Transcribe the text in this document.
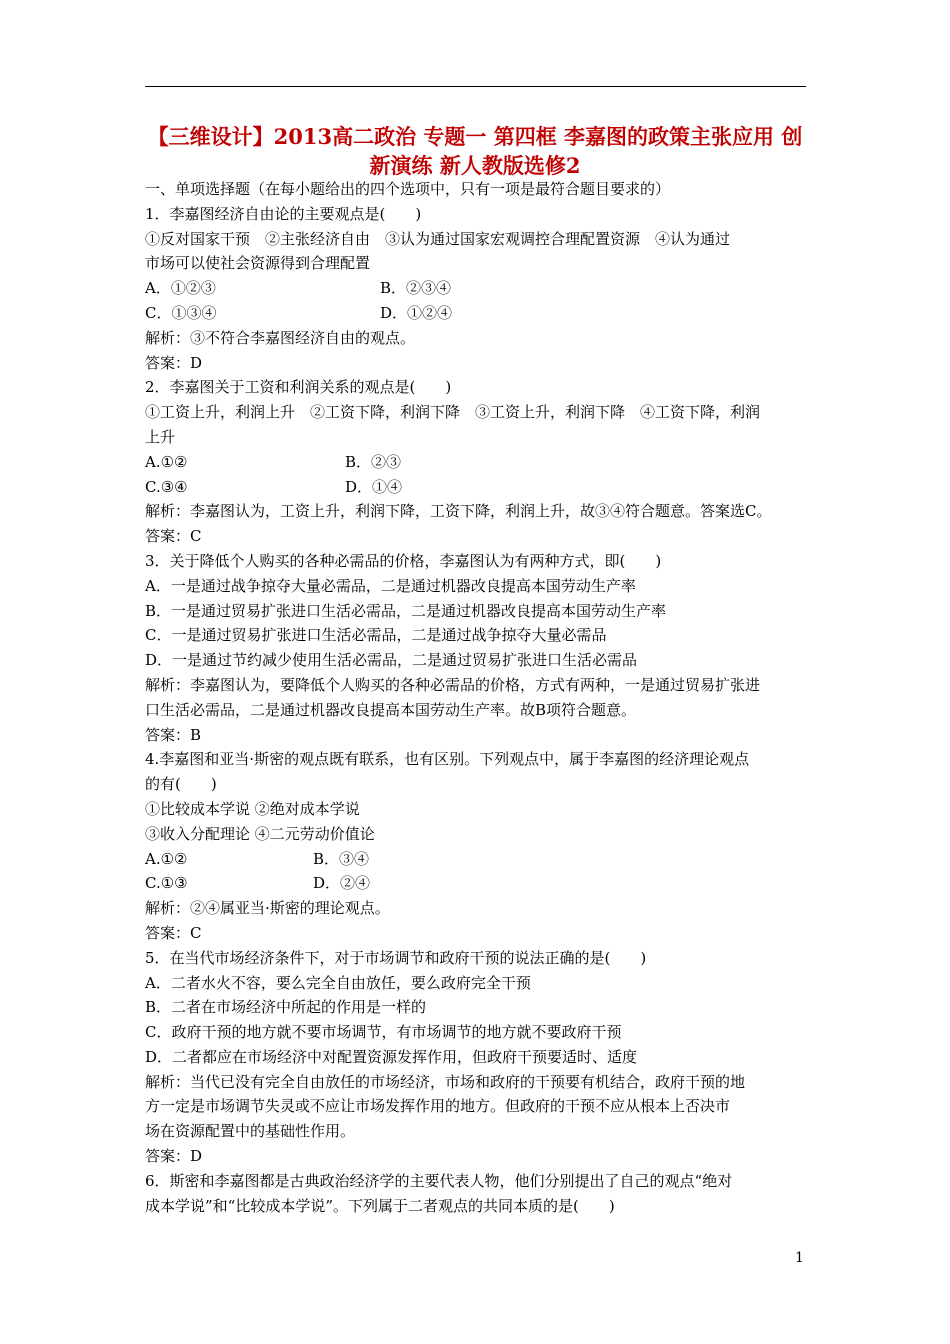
【三维设计】2013高二政治 专题一 第四框 李嘉图的政策主张应用 创新演练 新人教版选修2
一、单项选择题（在每小题给出的四个选项中，只有一项是最符合题目要求的）
1．李嘉图经济自由论的主要观点是(　　)
①反对国家干预　②主张经济自由　③认为通过国家宏观调控合理配置资源　④认为通过
市场可以使社会资源得到合理配置
A．①②③	B．②③④
C．①③④	D．①②④
解析：③不符合李嘉图经济自由的观点。
答案：D
2．李嘉图关于工资和利润关系的观点是(　　)
①工资上升，利润上升　②工资下降，利润下降　③工资上升，利润下降　④工资下降，利润
上升
A.①②	B．②③
C.③④	D．①④
解析：李嘉图认为，工资上升，利润下降，工资下降，利润上升，故③④符合题意。答案选C。
答案：C
3．关于降低个人购买的各种必需品的价格，李嘉图认为有两种方式，即(　　)
A．一是通过战争掠夺大量必需品，二是通过机器改良提高本国劳动生产率
B．一是通过贸易扩张进口生活必需品，二是通过机器改良提高本国劳动生产率
C．一是通过贸易扩张进口生活必需品，二是通过战争掠夺大量必需品
D．一是通过节约减少使用生活必需品，二是通过贸易扩张进口生活必需品
解析：李嘉图认为，要降低个人购买的各种必需品的价格，方式有两种，一是通过贸易扩张进
口生活必需品，二是通过机器改良提高本国劳动生产率。故B项符合题意。
答案：B
4.李嘉图和亚当·斯密的观点既有联系，也有区别。下列观点中，属于李嘉图的经济理论观点
的有(　　)
①比较成本学说 ②绝对成本学说
③收入分配理论 ④二元劳动价值论
A.①②	B．③④
C.①③	D．②④
解析：②④属亚当·斯密的理论观点。
答案：C
5．在当代市场经济条件下，对于市场调节和政府干预的说法正确的是(　　)
A．二者水火不容，要么完全自由放任，要么政府完全干预
B．二者在市场经济中所起的作用是一样的
C．政府干预的地方就不要市场调节，有市场调节的地方就不要政府干预
D．二者都应在市场经济中对配置资源发挥作用，但政府干预要适时、适度
解析：当代已没有完全自由放任的市场经济，市场和政府的干预要有机结合，政府干预的地
方一定是市场调节失灵或不应让市场发挥作用的地方。但政府的干预不应从根本上否决市
场在资源配置中的基础性作用。
答案：D
6．斯密和李嘉图都是古典政治经济学的主要代表人物，他们分别提出了自己的观点“绝对
成本学说”和“比较成本学说”。下列属于二者观点的共同本质的是(　　)
1
